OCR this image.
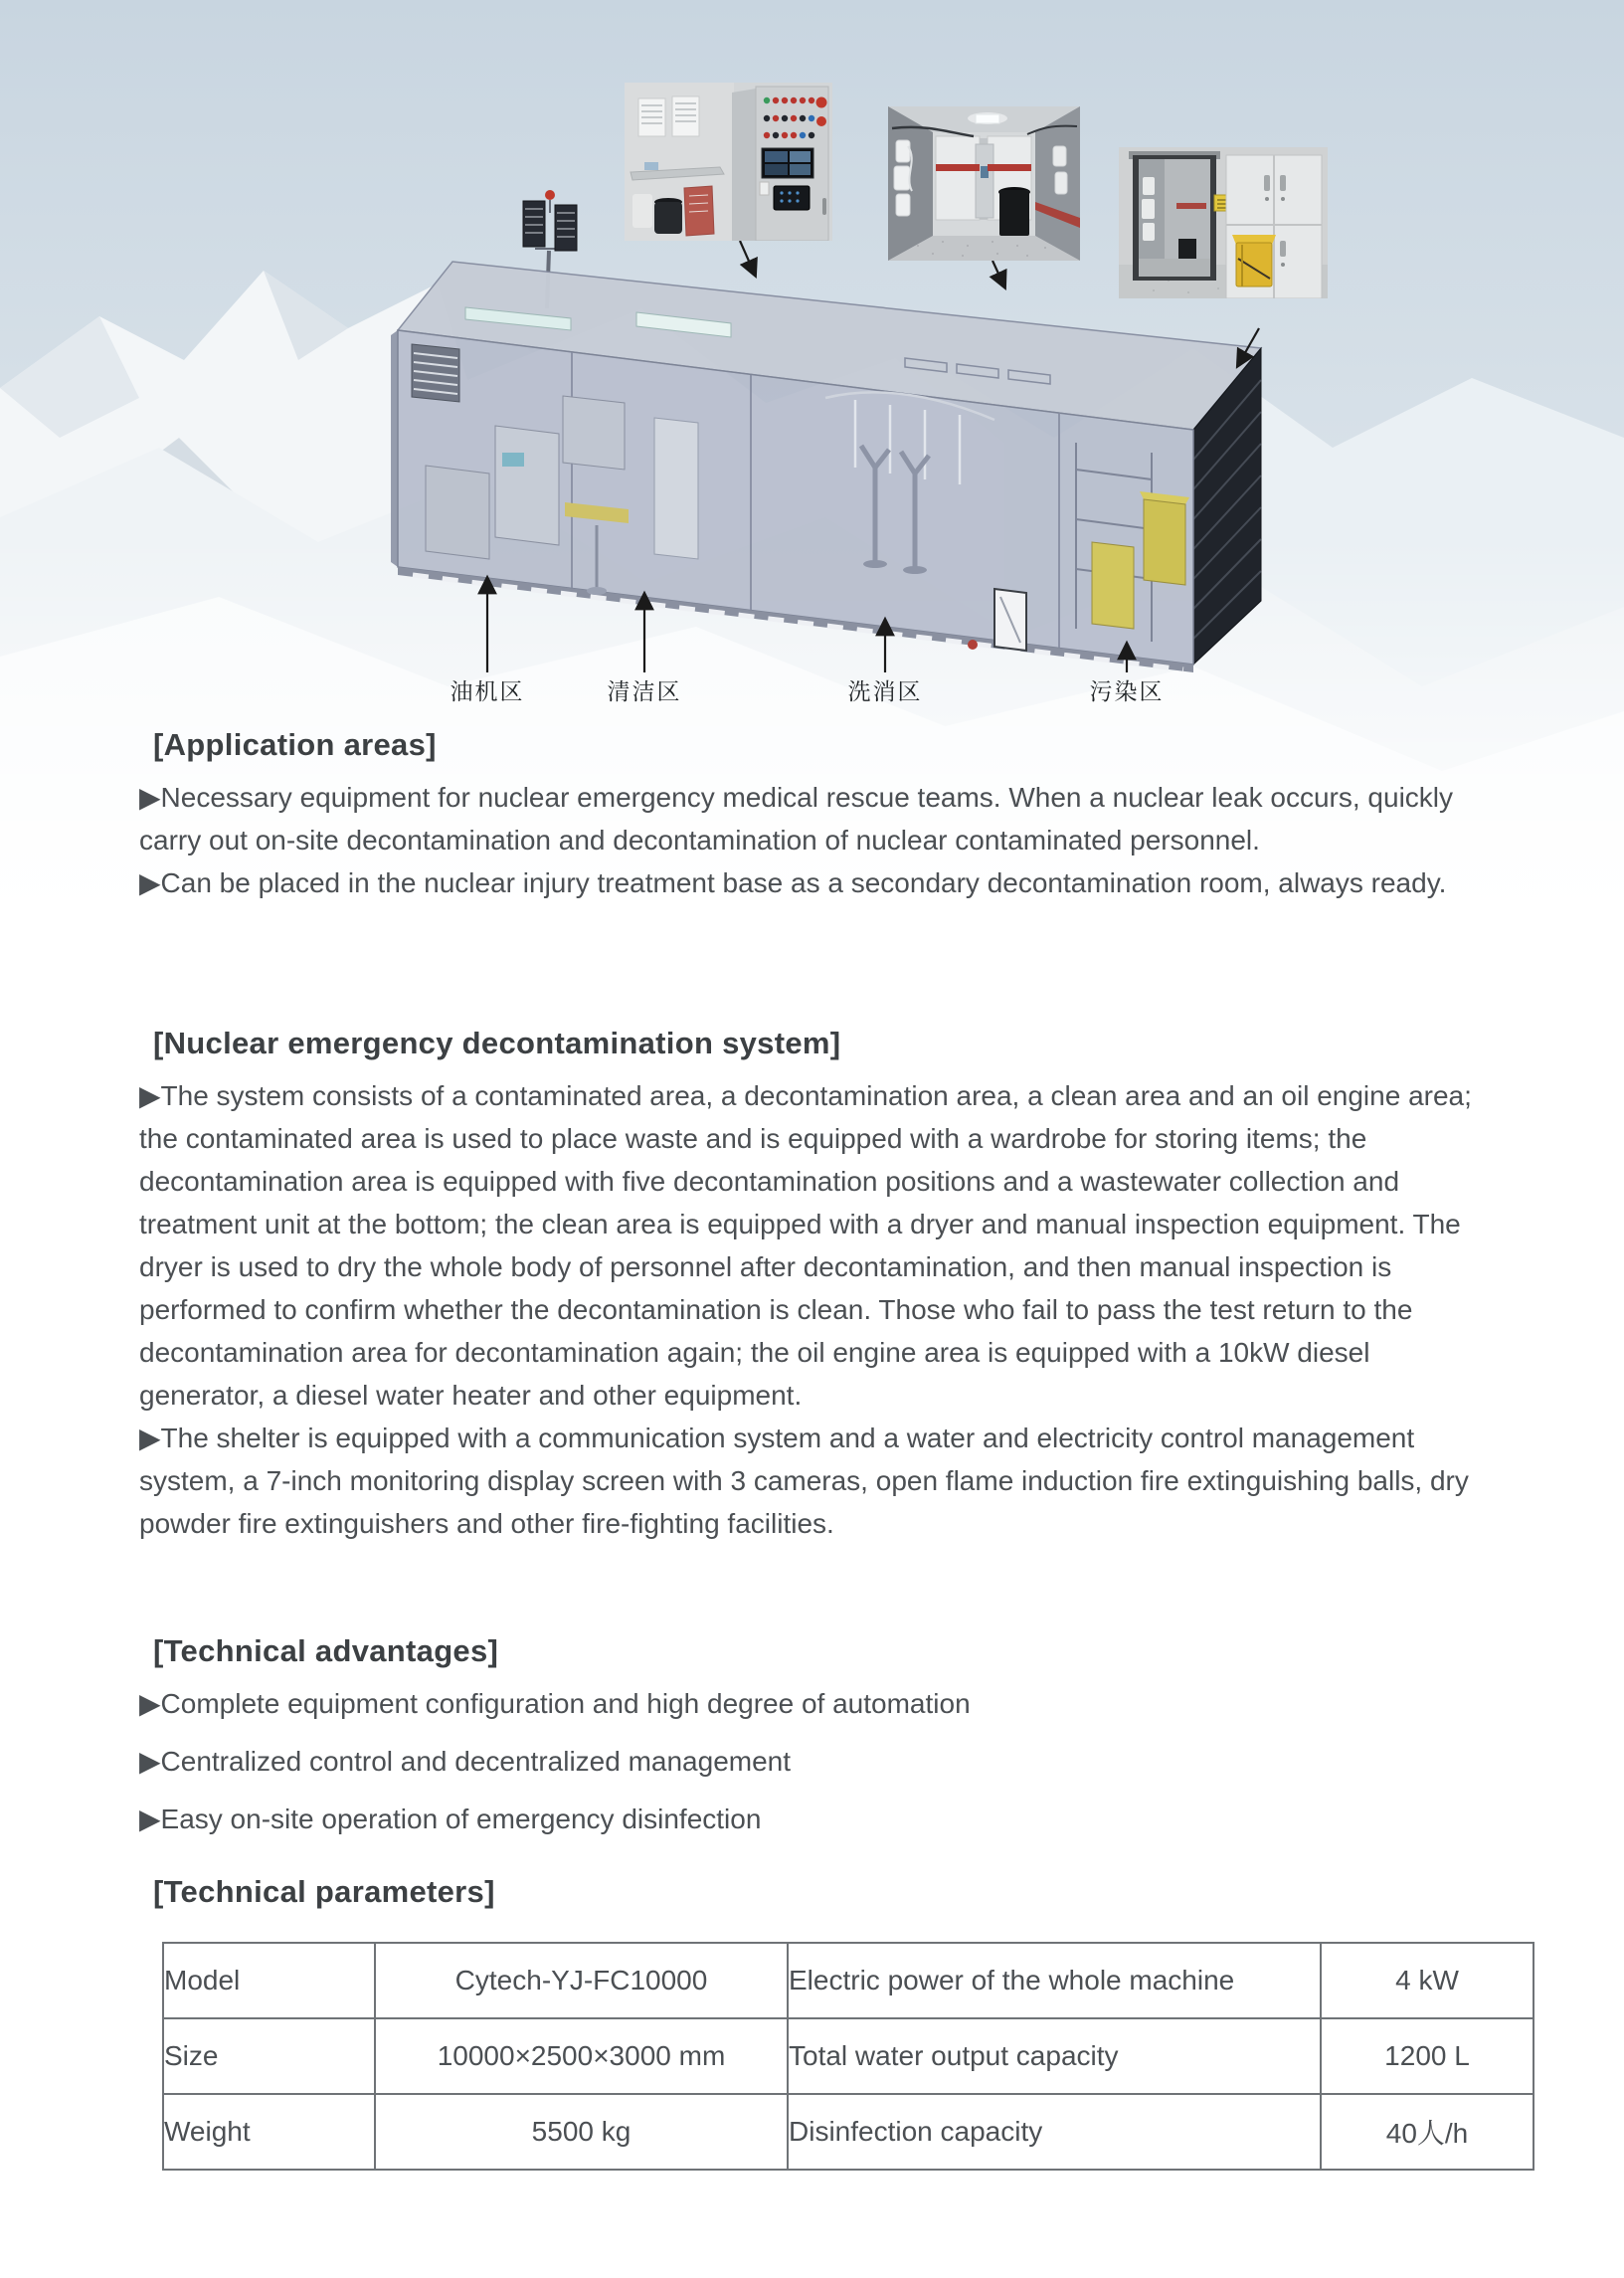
油机区	清洁区	洗消区	污染区
[Application areas]

▶Necessary equipment for nuclear emergency medical rescue teams. When a nuclear leak occurs, quickly carry out on-site decontamination and decontamination of nuclear contaminated personnel.

▶Can be placed in the nuclear injury treatment base as a secondary decontamination room, always ready.

[Nuclear emergency decontamination system]

▶The system consists of a contaminated area, a decontamination area, a clean area and an oil engine area; the contaminated area is used to place waste and is equipped with a wardrobe for storing items; the decontamination area is equipped with five decontamination positions and a wastewater collection and treatment unit at the bottom; the clean area is equipped with a dryer and manual inspection equipment. The dryer is used to dry the whole body of personnel after decontamination, and then manual inspection is performed to confirm whether the decontamination is clean. Those who fail to pass the test return to the decontamination area for decontamination again; the oil engine area is equipped with a 10kW diesel generator, a diesel water heater and other equipment.

▶The shelter is equipped with a communication system and a water and electricity control management system, a 7-inch monitoring display screen with 3 cameras, open flame induction fire extinguishing balls, dry powder fire extinguishers and other fire-fighting facilities.

[Technical advantages]

▶Complete equipment configuration and high degree of automation

▶Centralized control and decentralized management

▶Easy on-site operation of emergency disinfection

[Technical parameters]
Model	Cytech-YJ-FC10000	Electric power of the whole machine	4 kW
Size	10000×2500×3000 mm	Total water output capacity	1200 L
Weight	5500 kg	Disinfection capacity	40人/h
